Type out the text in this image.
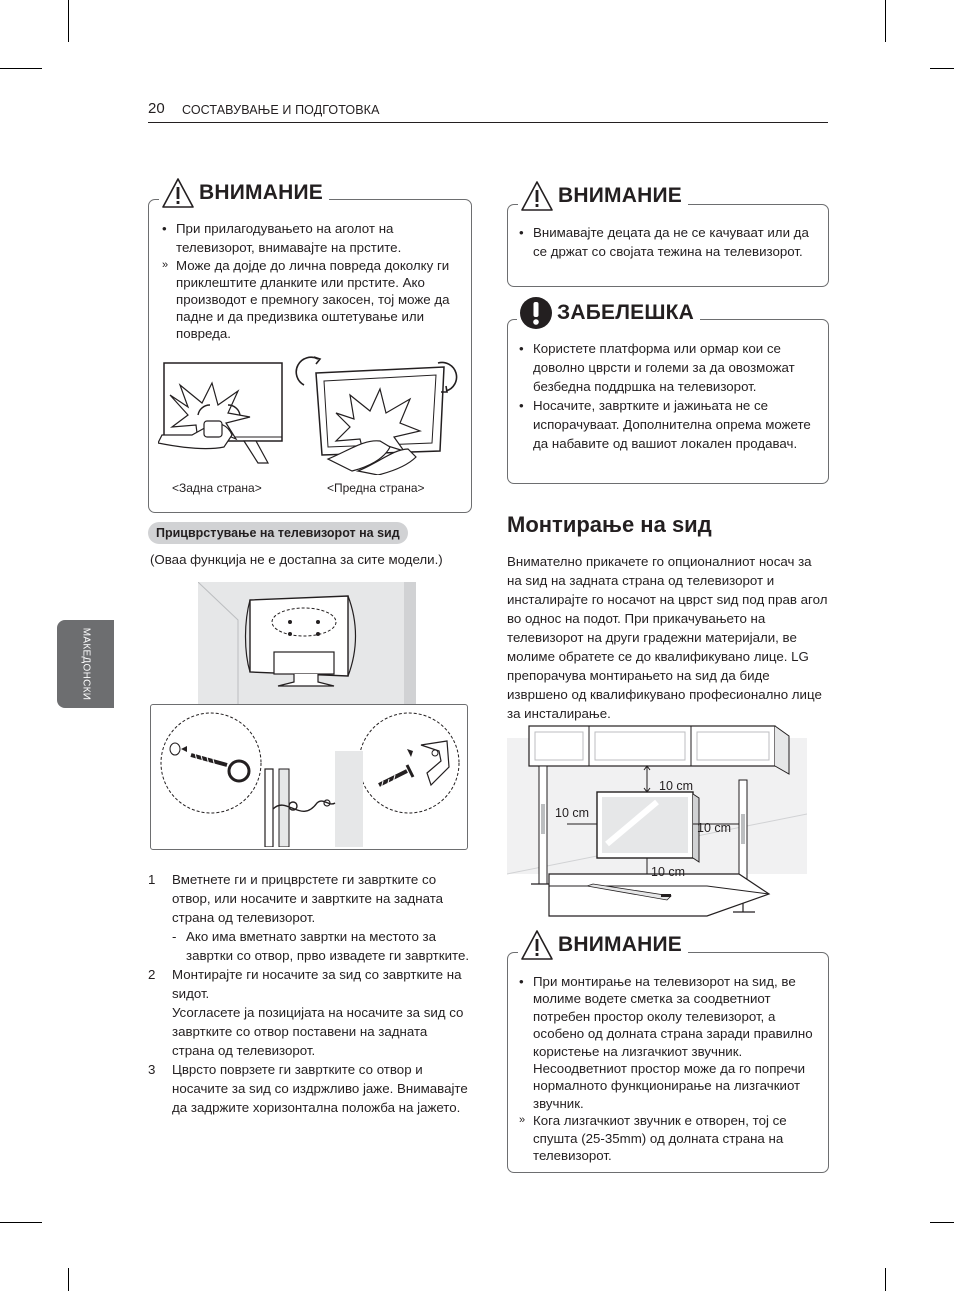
20 СОСТАВУВАЊЕ И ПОДГОТОВКА
МАКЕДОНСКИ
ВНИМАНИЕ
• При прилагодувањето на аголот на телевизорот, внимавајте на прстите.
» Може да дојде до лична повреда доколку ги приклештите дланките или прстите. Ако производот е премногу закосен, тој може да падне и да предизвика оштетување или повреда.
<Задна страна>	<Предна страна>
Прицврстување на телевизорот на ѕид
(Оваа функција не е достапна за сите модели.)
1 Вметнете ги и прицврстете ги завртките со отвор, или носачите и завртките на задната страна од телевизорот.
- Ако има вметнато завртки на местото за завртки со отвор, прво извадете ги завртките.
2 Монтирајте ги носачите за ѕид со завртките на ѕидот.
Усогласете ја позицијата на носачите за ѕид со завртките со отвор поставени на задната страна од телевизорот.
3 Цврсто поврзете ги завртките со отвор и носачите за ѕид со издржливо јаже. Внимавајте да задржите хоризонтална положба на јажето.
ВНИМАНИЕ
• Внимавајте децата да не се качуваат или да се држат со својата тежина на телевизорот.
ЗАБЕЛЕШКА
• Користете платформа или ормар кои се доволно цврсти и големи за да овозможат безбедна поддршка на телевизорот.
• Носачите, завртките и јажињата не се испорачуваат. Дополнителна опрема можете да набавите од вашиот локален продавач.
Монтирање на ѕид
Внимателно прикачете го опционалниот носач за на ѕид на задната страна од телевизорот и инсталирајте го носачот на цврст ѕид под прав агол во однос на подот. При прикачувањето на телевизорот на други градежни материјали, ве молиме обратете се до квалификувано лице. LG препорачува монтирањето на ѕид да биде извршено од квалификувано професионално лице за инсталирање.
10 cm
10 cm
10 cm
10 cm
ВНИМАНИЕ
• При монтирање на телевизорот на ѕид, ве молиме водете сметка за соодветниот потребен простор околу телевизорот, а особено од долната страна заради правилно користење на лизгачкиот звучник. Несоодветниот простор може да го попречи нормалното функционирање на лизгачкиот звучник.
» Кога лизгачкиот звучник е отворен, тој се спушта (25-35mm) од долната страна на телевизорот.
